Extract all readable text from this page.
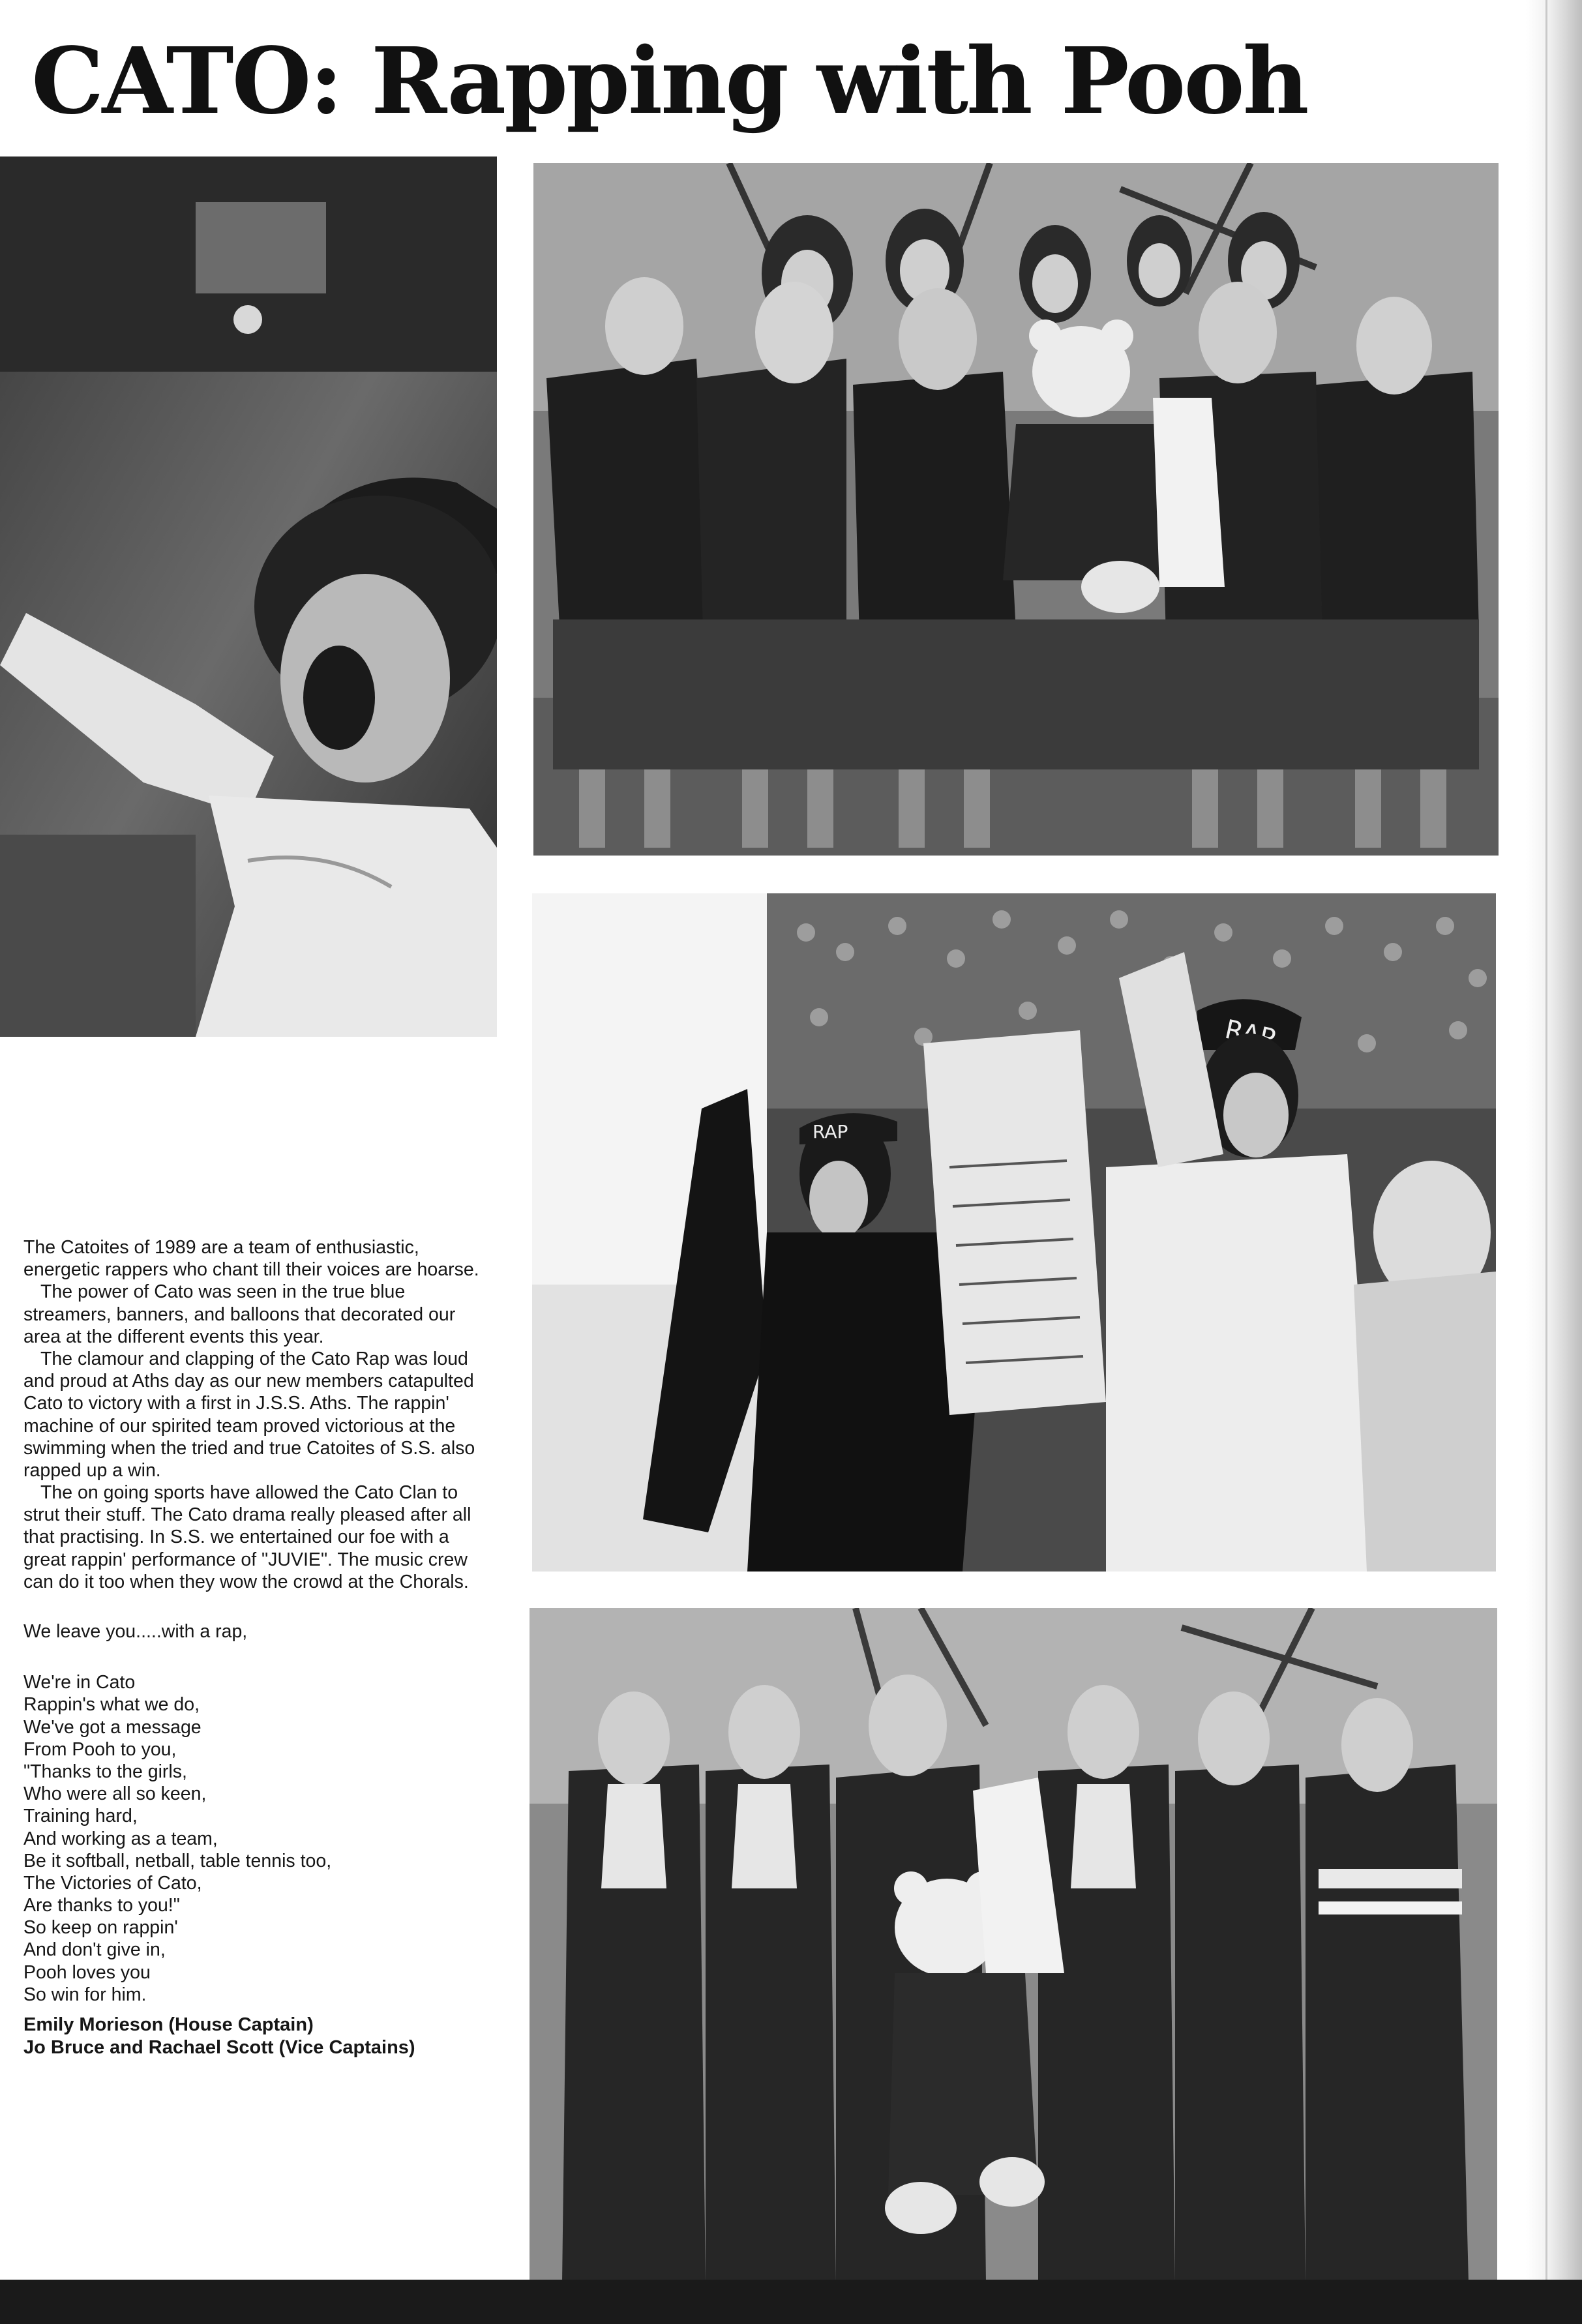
CATO: Rapping with Pooh
RAP

The Catoites of 1989 are a team of enthusiastic, energetic rappers who chant till their voices are hoarse.

The power of Cato was seen in the true blue streamers, banners, and balloons that decorated our area at the different events this year.

The clamour and clapping of the Cato Rap was loud and proud at Aths day as our new members catapulted Cato to victory with a first in J.S.S. Aths. The rappin' machine of our spirited team proved victorious at the swimming when the tried and true Catoites of S.S. also rapped up a win.

The on going sports have allowed the Cato Clan to strut their stuff. The Cato drama really pleased after all that practising. In S.S. we entertained our foe with a great rappin' performance of "JUVIE". The music crew can do it too when they wow the crowd at the Chorals.

We leave you.....with a rap,
We're in Cato
Rappin's what we do,
We've got a message
From Pooh to you,
"Thanks to the girls,
Who were all so keen,
Training hard,
And working as a team,
Be it softball, netball, table tennis too,
The Victories of Cato,
Are thanks to you!"
So keep on rappin'
And don't give in,
Pooh loves you
So win for him.
Emily Morieson (House Captain)
Jo Bruce and Rachael Scott (Vice Captains)
